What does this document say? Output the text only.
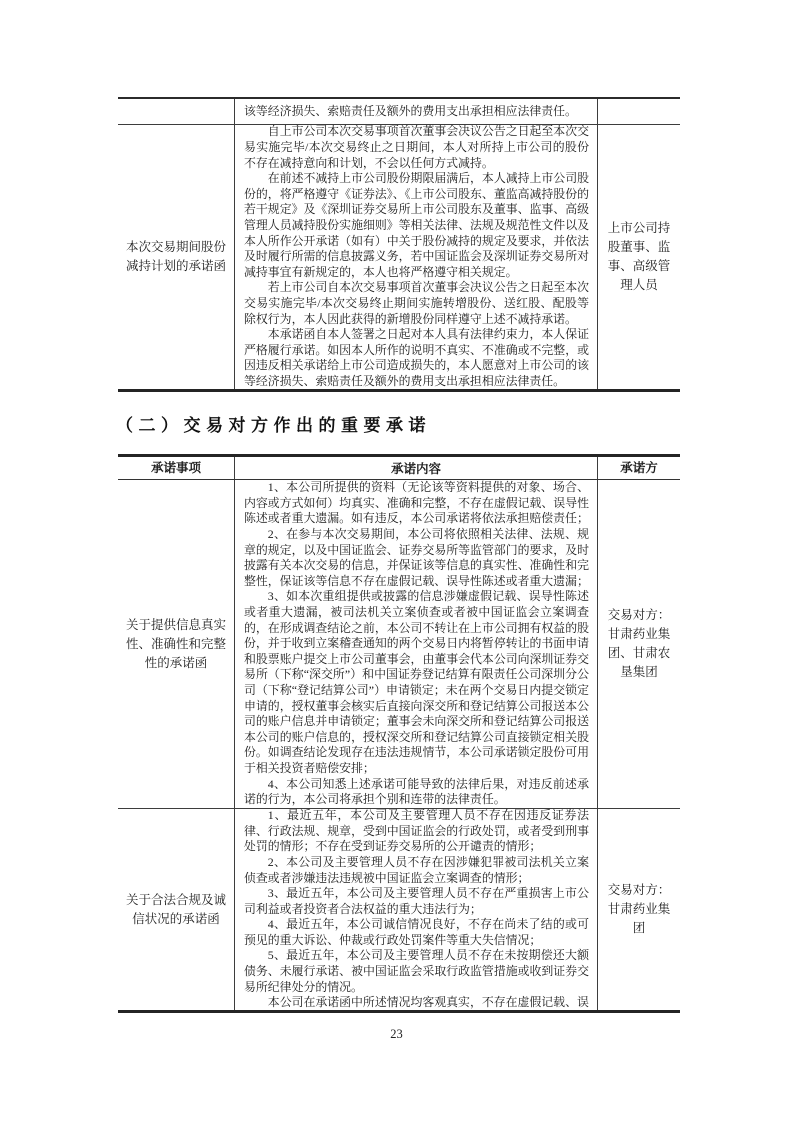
该等经济损失、索赔责任及额外的费用支出承担相应法律责任。

本次交易期间股份减持计划的承诺函

自上市公司本次交易事项首次董事会决议公告之日起至本次交易实施完毕/本次交易终止之日期间，本人对所持上市公司的股份不存在减持意向和计划，不会以任何方式减持。

在前述不减持上市公司股份期限届满后，本人减持上市公司股份的，将严格遵守《证券法》、《上市公司股东、董监高减持股份的若干规定》及《深圳证券交易所上市公司股东及董事、监事、高级管理人员减持股份实施细则》等相关法律、法规及规范性文件以及本人所作公开承诺（如有）中关于股份减持的规定及要求，并依法及时履行所需的信息披露义务，若中国证监会及深圳证券交易所对减持事宜有新规定的，本人也将严格遵守相关规定。

若上市公司自本次交易事项首次董事会决议公告之日起至本次交易实施完毕/本次交易终止期间实施转增股份、送红股、配股等除权行为，本人因此获得的新增股份同样遵守上述不减持承诺。

本承诺函自本人签署之日起对本人具有法律约束力，本人保证严格履行承诺。如因本人所作的说明不真实、不准确或不完整，或因违反相关承诺给上市公司造成损失的，本人愿意对上市公司的该等经济损失、索赔责任及额外的费用支出承担相应法律责任。

上市公司持股董事、监事、高级管理人员
（二）交易对方作出的重要承诺
承诺事项	承诺内容	承诺方
关于提供信息真实性、准确性和完整性的承诺函

1、本公司所提供的资料（无论该等资料提供的对象、场合、内容或方式如何）均真实、准确和完整，不存在虚假记载、误导性陈述或者重大遗漏。如有违反，本公司承诺将依法承担赔偿责任；

2、在参与本次交易期间，本公司将依照相关法律、法规、规章的规定，以及中国证监会、证券交易所等监管部门的要求，及时披露有关本次交易的信息，并保证该等信息的真实性、准确性和完整性，保证该等信息不存在虚假记载、误导性陈述或者重大遗漏；

3、如本次重组提供或披露的信息涉嫌虚假记载、误导性陈述或者重大遗漏，被司法机关立案侦查或者被中国证监会立案调查的，在形成调查结论之前，本公司不转让在上市公司拥有权益的股份，并于收到立案稽查通知的两个交易日内将暂停转让的书面申请和股票账户提交上市公司董事会，由董事会代本公司向深圳证券交易所（下称“深交所”）和中国证券登记结算有限责任公司深圳分公司（下称“登记结算公司”）申请锁定；未在两个交易日内提交锁定申请的，授权董事会核实后直接向深交所和登记结算公司报送本公司的账户信息并申请锁定；董事会未向深交所和登记结算公司报送本公司的账户信息的，授权深交所和登记结算公司直接锁定相关股份。如调查结论发现存在违法违规情节，本公司承诺锁定股份可用于相关投资者赔偿安排；

4、本公司知悉上述承诺可能导致的法律后果，对违反前述承诺的行为，本公司将承担个别和连带的法律责任。

交易对方：甘肃药业集团、甘肃农垦集团
关于合法合规及诚信状况的承诺函

1、最近五年，本公司及主要管理人员不存在因违反证券法律、行政法规、规章，受到中国证监会的行政处罚，或者受到刑事处罚的情形；不存在受到证券交易所的公开谴责的情形；

2、本公司及主要管理人员不存在因涉嫌犯罪被司法机关立案侦查或者涉嫌违法违规被中国证监会立案调查的情形；

3、最近五年，本公司及主要管理人员不存在严重损害上市公司利益或者投资者合法权益的重大违法行为；

4、最近五年，本公司诚信情况良好，不存在尚未了结的或可预见的重大诉讼、仲裁或行政处罚案件等重大失信情况；

5、最近五年，本公司及主要管理人员不存在未按期偿还大额债务、未履行承诺、被中国证监会采取行政监管措施或收到证券交易所纪律处分的情况。

本公司在承诺函中所述情况均客观真实，不存在虚假记载、误

交易对方：甘肃药业集团
23
